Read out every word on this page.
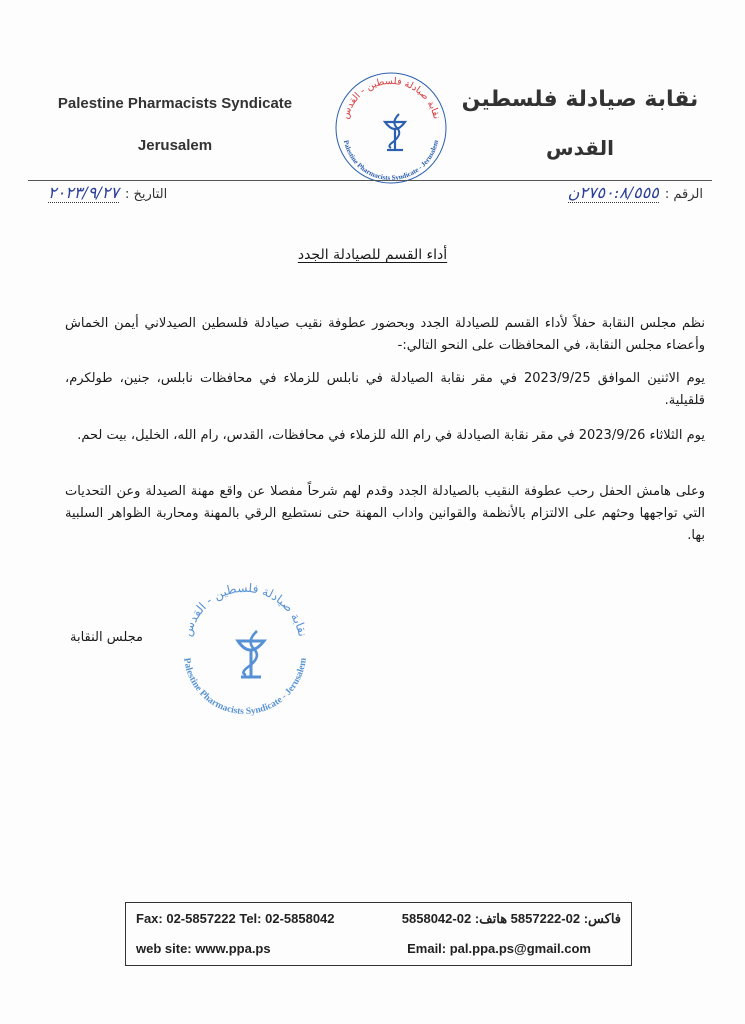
Palestine Pharmacists Syndicate
Jerusalem
نقابة صيادلة فلسطين
القدس
نقابة صيادلة فلسطين - القدس
Palestine Pharmacists Syndicate - Jerusalem
الرقم :
٢٧٥٠:٨/٥٥٥ن
التاريخ :
٢٠٢٣/٩/٢٧
أداء القسم للصيادلة الجدد
نظم مجلس النقابة حفلاً لأداء القسم للصيادلة الجدد وبحضور عطوفة نقيب صيادلة فلسطين الصيدلاني أيمن الخماش وأعضاء مجلس النقابة، في المحافظات على النحو التالي:-
يوم الاثنين الموافق 2023/9/25 في مقر نقابة الصيادلة في نابلس للزملاء في محافظات نابلس، جنين، طولكرم، قلقيلية.
يوم الثلاثاء 2023/9/26 في مقر نقابة الصيادلة في رام الله للزملاء في محافظات، القدس، رام الله، الخليل، بيت لحم.
وعلى هامش الحفل رحب عطوفة النقيب بالصيادلة الجدد وقدم لهم شرحاً مفصلا عن واقع مهنة الصيدلة وعن التحديات التي تواجهها وحثهم على الالتزام بالأنظمة والقوانين واداب المهنة حتى نستطيع الرقي بالمهنة ومحاربة الظواهر السلبية بها.
مجلس النقابة	نقابة صيادلة فلسطين - القدس
Palestine Pharmacists Syndicate - Jerusalem
Fax: 02-5857222 Tel: 02-5858042	فاكس: 02-5857222 هاتف: 02-5858042
web site: www.ppa.ps	Email: pal.ppa.ps@gmail.com
